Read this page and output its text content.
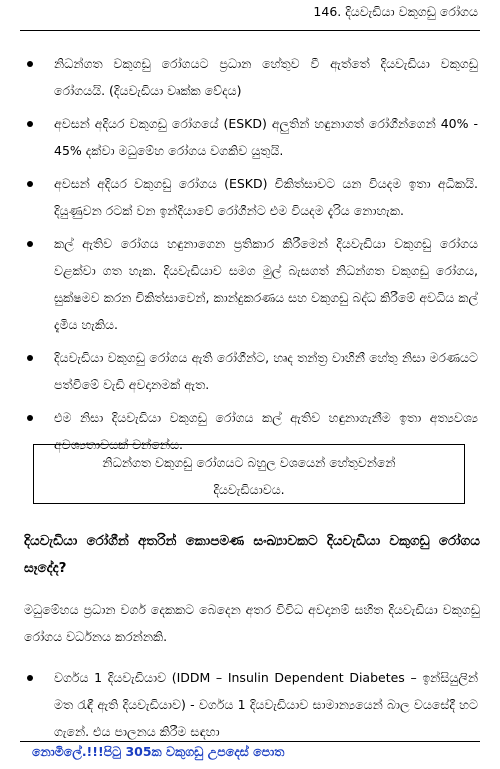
146. දියවැඩියා වකුගඩු රෝගය
නිධන්ගත වකුගඩු රෝගයට ප්‍රධාන හේතුව වී ඇත්තේ දියවැඩියා වකුගඩු රෝගයයි. (දියවැඩියා වෘක්ක වේදය)
අවසන් අදියර වකුගඩු රෝගයේ (ESKD) අලුතින් හඳුනාගත් රෝගීන්ගෙන් 40% - 45% දක්වා මධුමේහ රෝගය වගකිව යුතුයි.
අවසන් අදියර වකුගඩු රෝගය (ESKD) චිකිත්සාවට යන වියදම ඉතා අධිකයි. දියුණුවන රටක් වන ඉන්දියාවේ රෝගීන්ට එම වියදම දැරිය නොහැක.
කල් ඇතිව රෝගය හඳුනාගෙන ප්‍රතිකාර කිරීමෙන් දියවැඩියා වකුගඩු රෝගය වළක්වා ගත හැක. දියවැඩියාව සමග මුල් බැසගත් නිධන්ගත වකුගඩු රෝගය, සුක්ෂමව කරන චිකිත්සාවෙන්, කාන්දුකරණය සහ වකුගඩු බද්ධ කිරීමේ අවධිය කල් දැමිය හැකිය.
දියවැඩියා වකුගඩු රෝගය ඇති රෝගීන්ට, හෘද තන්ත්‍ර වාහිනී හේතු නිසා මරණයට පත්වීමේ වැඩි අවදානමක් ඇත.
එම නිසා දියවැඩියා වකුගඩු රෝගය කල් ඇතිව හඳුනාගැනීම ඉතා අත්‍යවශ්‍ය අවශ්‍යතාවයක් වන්නේය.
නිධන්ගත වකුගඩු රෝගයට බහුල වශයෙන් හේතුවන්නේ
දියවැඩියාවය.
දියවැඩියා රෝගීන් අතරින් කොපමණ සංඛ්‍යාවකට දියවැඩියා වකුගඩු රෝගය සෑදේද?
මධුමේහය ප්‍රධාන වර්ග දෙකකට බෙදෙන අතර විවිධ අවදානම් සහිත දියවැඩියා වකුගඩු රෝගය වර්ධනය කරන්නකි.
වර්ගය 1 දියවැඩියාව (IDDM – Insulin Dependent Diabetes – ඉන්සියුලින් මත රැඳී ඇති දියවැඩියාව) - වර්ගය 1 දියවැඩියාව සාමාන්‍යයෙන් බාල වයසේදී හට ගැනේ. එය පාලනය කිරීම සඳහා
නොමිලේ.!!!පිටු 305ක වකුගඩු උපදෙස් පොත
